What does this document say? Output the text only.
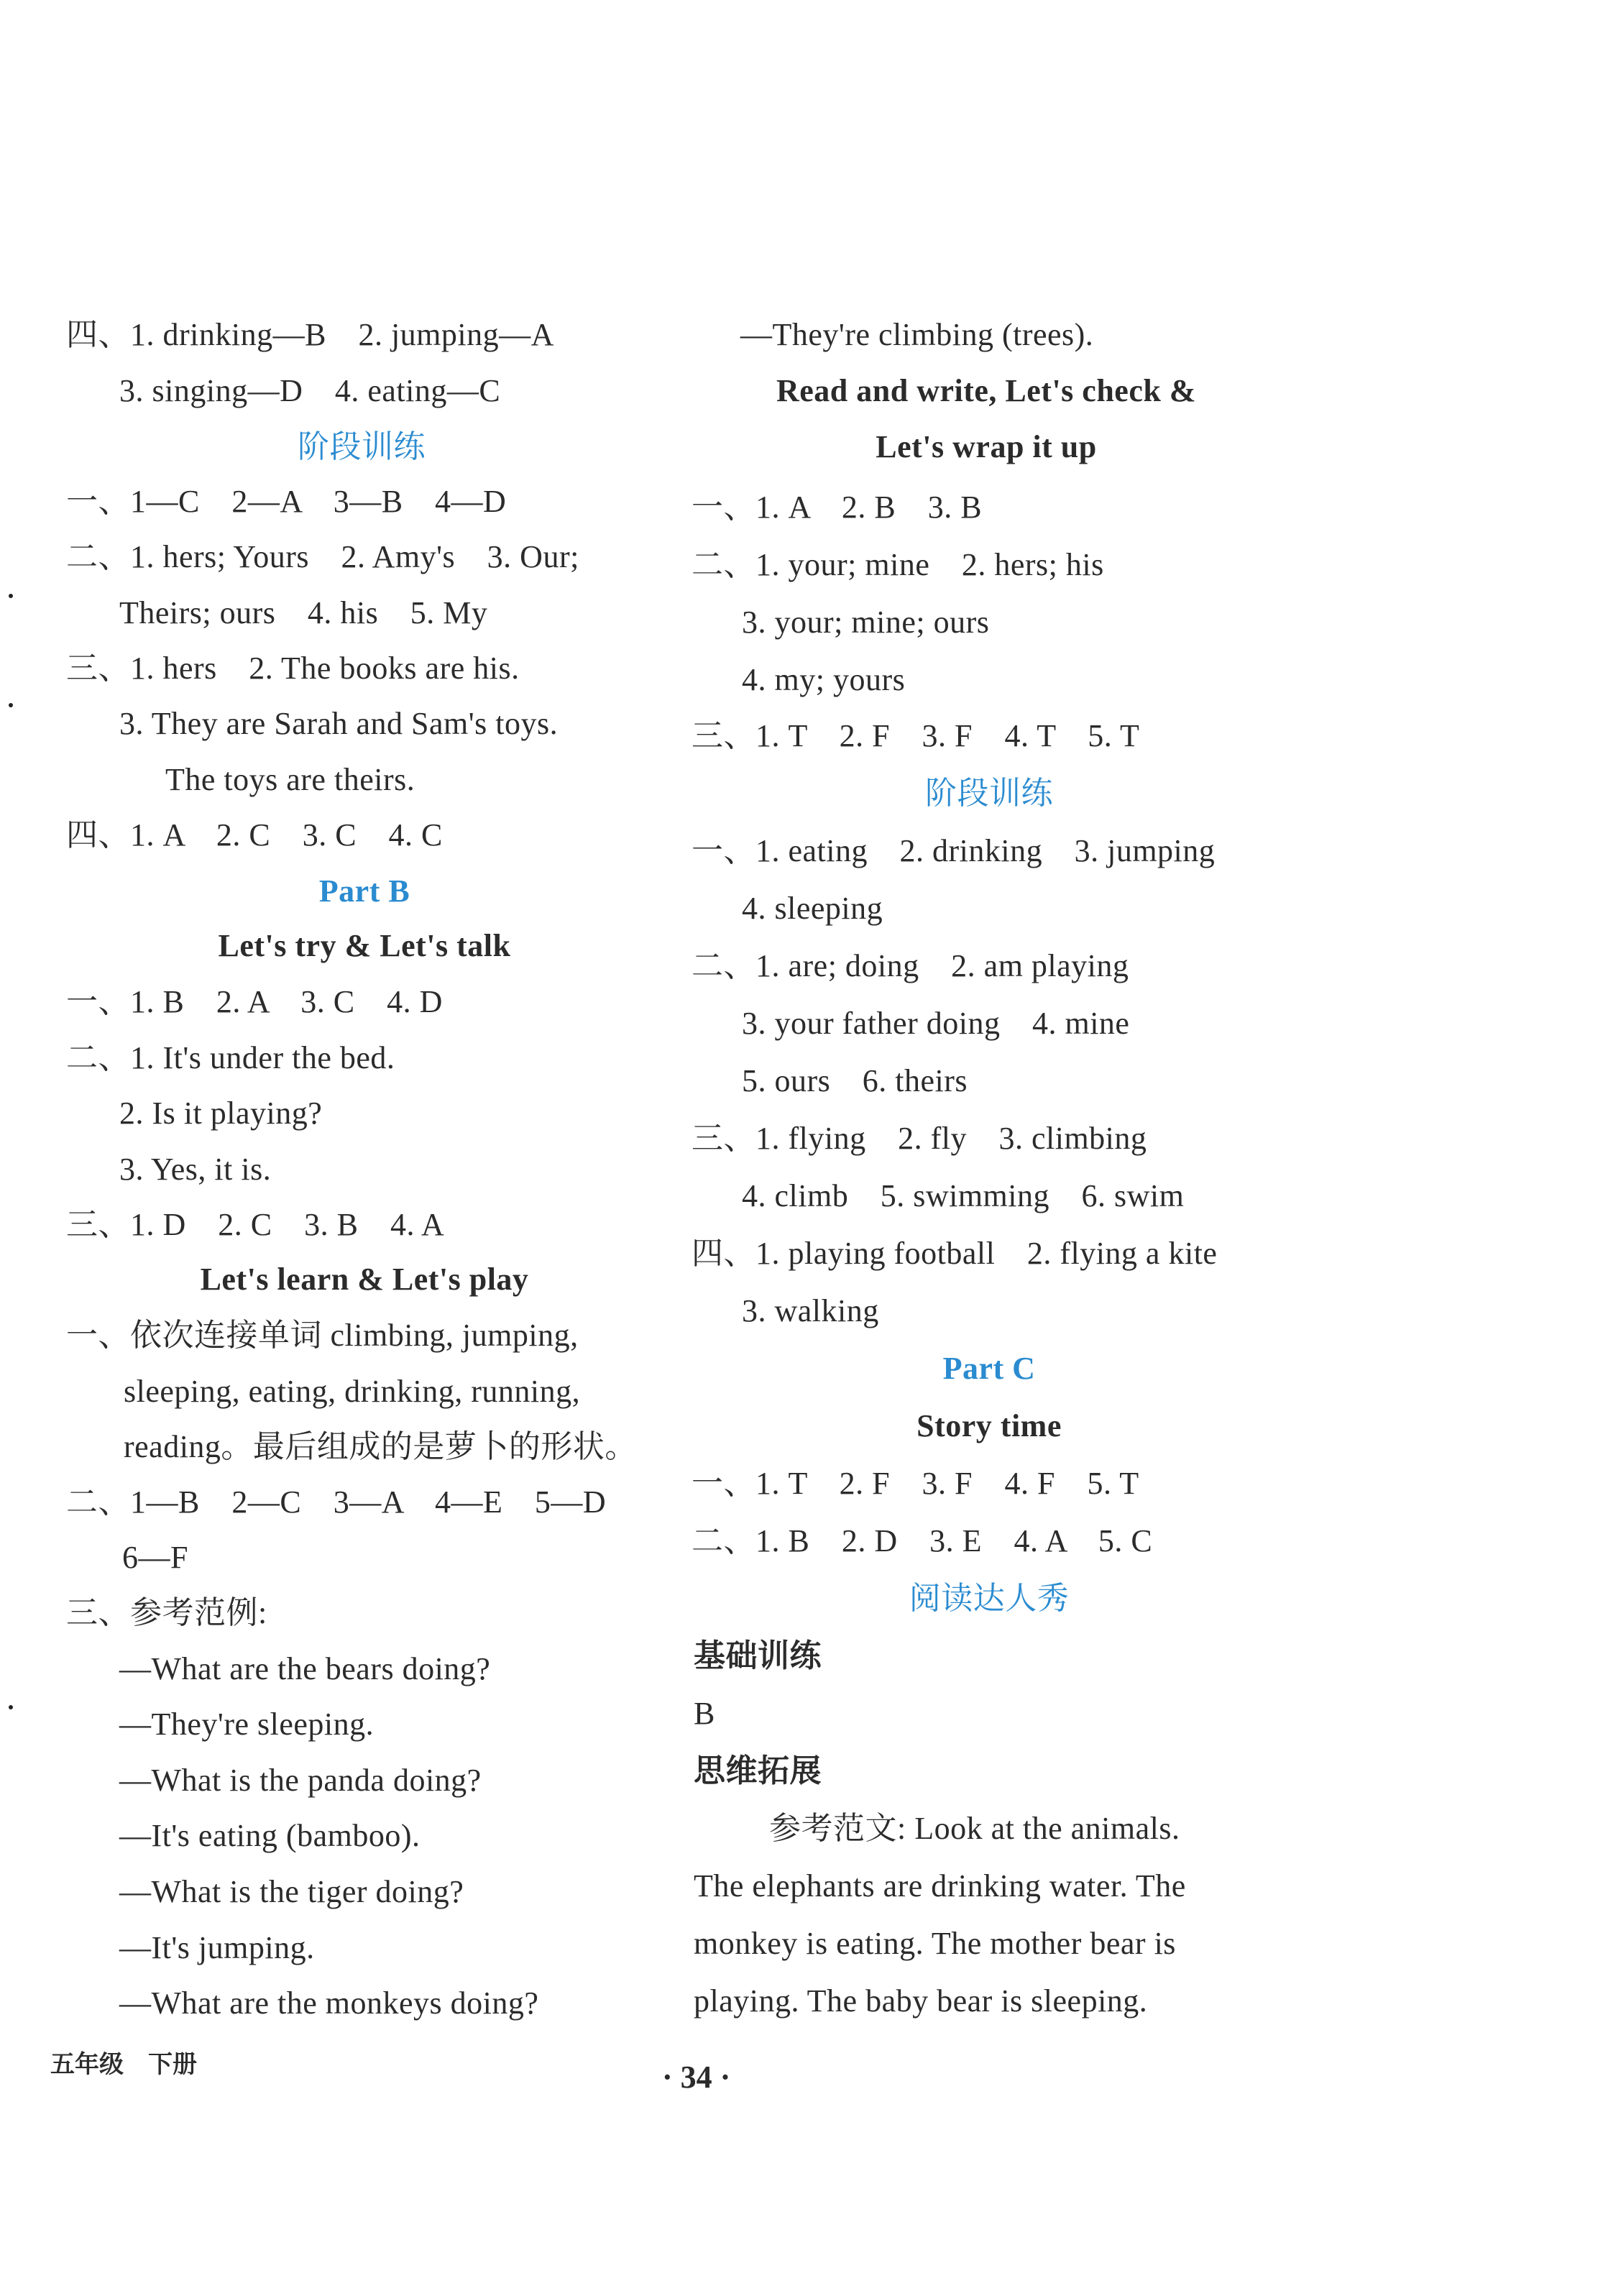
四、1. drinking—B　2. jumping—A
3. singing—D　4. eating—C
阶段训练
一、1—C　2—A　3—B　4—D
二、1. hers; Yours　2. Amy's　3. Our;
Theirs; ours　4. his　5. My
三、1. hers　2. The books are his.
3. They are Sarah and Sam's toys.
The toys are theirs.
四、1. A　2. C　3. C　4. C
Part B
Let's try & Let's talk
一、1. B　2. A　3. C　4. D
二、1. It's under the bed.
2. Is it playing?
3. Yes, it is.
三、1. D　2. C　3. B　4. A
Let's learn & Let's play
一、依次连接单词 climbing, jumping,
sleeping, eating, drinking, running,
reading。最后组成的是萝卜的形状。
二、1—B　2—C　3—A　4—E　5—D
6—F
三、参考范例:
—What are the bears doing?
—They're sleeping.
—What is the panda doing?
—It's eating (bamboo).
—What is the tiger doing?
—It's jumping.
—What are the monkeys doing?
—They're climbing (trees).
Read and write, Let's check &
Let's wrap it up
一、1. A　2. B　3. B
二、1. your; mine　2. hers; his
3. your; mine; ours
4. my; yours
三、1. T　2. F　3. F　4. T　5. T
阶段训练
一、1. eating　2. drinking　3. jumping
4. sleeping
二、1. are; doing　2. am playing
3. your father doing　4. mine
5. ours　6. theirs
三、1. flying　2. fly　3. climbing
4. climb　5. swimming　6. swim
四、1. playing football　2. flying a kite
3. walking
Part C
Story time
一、1. T　2. F　3. F　4. F　5. T
二、1. B　2. D　3. E　4. A　5. C
阅读达人秀
基础训练
B
思维拓展
参考范文: Look at the animals.
The elephants are drinking water. The
monkey is eating. The mother bear is
playing. The baby bear is sleeping.
五年级　下册	· 34 ·
